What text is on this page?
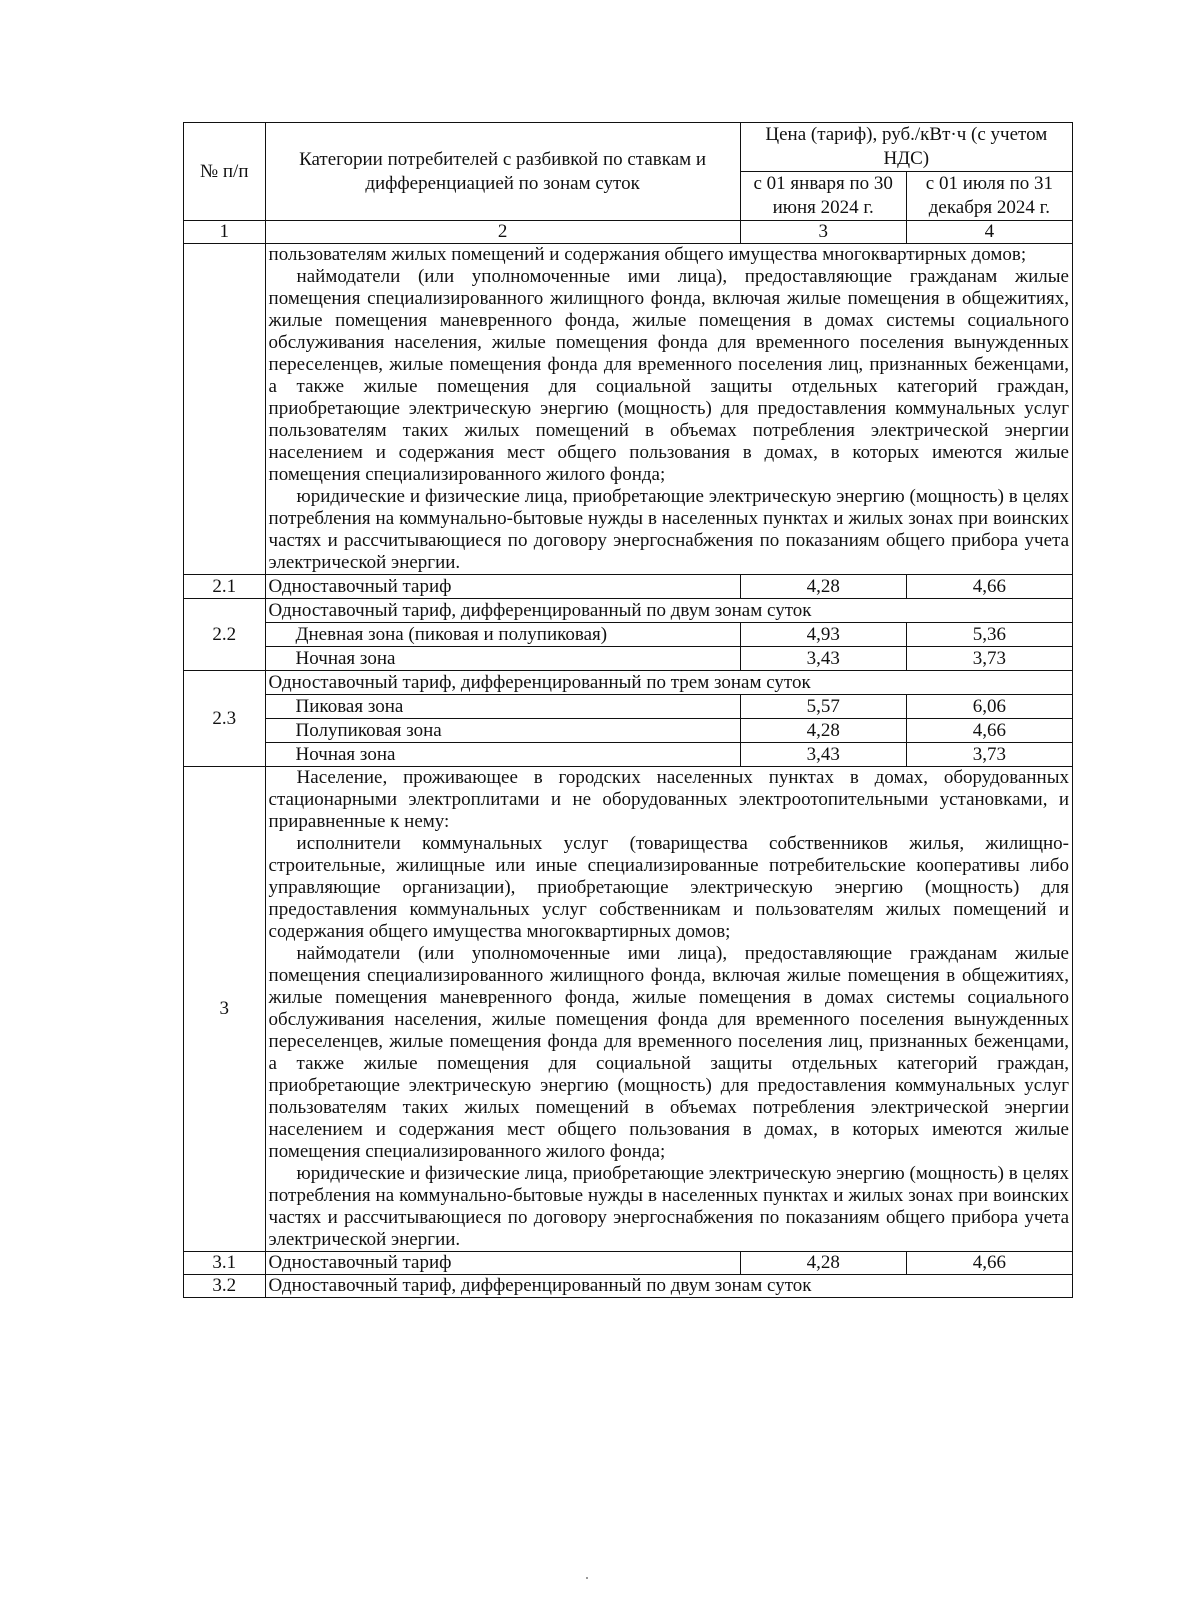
№ п/п	Категории потребителей с разбивкой по ставкам и дифференциацией по зонам суток	Цена (тариф), руб./кВт·ч (с учетом НДС)	
		с 01 января по 30 июня 2024 г.	с 01 июля по 31 декабря 2024 г.
1	2	3	4

	пользователям жилых помещений и содержания общего имущества многоквартирных домов;

наймодатели (или уполномоченные ими лица), предоставляющие гражданам жилые помещения специализированного жилищного фонда, включая жилые помещения в общежитиях, жилые помещения маневренного фонда, жилые помещения в домах системы социального обслуживания населения, жилые помещения фонда для временного поселения вынужденных переселенцев, жилые помещения фонда для временного поселения лиц, признанных беженцами, а также жилые помещения для социальной защиты отдельных категорий граждан, приобретающие электрическую энергию (мощность) для предоставления коммунальных услуг пользователям таких жилых помещений в объемах потребления электрической энергии населением и содержания мест общего пользования в домах, в которых имеются жилые помещения специализированного жилого фонда;

юридические и физические лица, приобретающие электрическую энергию (мощность) в целях потребления на коммунально-бытовые нужды в населенных пунктах и жилых зонах при воинских частях и рассчитывающиеся по договору энергоснабжения по показаниям общего прибора учета электрической энергии.		

2.1	Одноставочный тариф	4,28	4,66
2.2	Одноставочный тариф, дифференцированный по двум зонам суток		
	Дневная зона (пиковая и полупиковая)	4,93	5,36
	Ночная зона	3,43	3,73
2.3	Одноставочный тариф, дифференцированный по трем зонам суток		
	Пиковая зона	5,57	6,06
	Полупиковая зона	4,28	4,66
	Ночная зона	3,43	3,73
3	Население, проживающее в городских населенных пунктах в домах, оборудованных стационарными электроплитами и не оборудованных электроотопительными установками, и приравненные к нему:

исполнители коммунальных услуг (товарищества собственников жилья, жилищно-строительные, жилищные или иные специализированные потребительские кооперативы либо управляющие организации), приобретающие электрическую энергию (мощность) для предоставления коммунальных услуг собственникам и пользователям жилых помещений и содержания общего имущества многоквартирных домов;

наймодатели (или уполномоченные ими лица), предоставляющие гражданам жилые помещения специализированного жилищного фонда, включая жилые помещения в общежитиях, жилые помещения маневренного фонда, жилые помещения в домах системы социального обслуживания населения, жилые помещения фонда для временного поселения вынужденных переселенцев, жилые помещения фонда для временного поселения лиц, признанных беженцами, а также жилые помещения для социальной защиты отдельных категорий граждан, приобретающие электрическую энергию (мощность) для предоставления коммунальных услуг пользователям таких жилых помещений в объемах потребления электрической энергии населением и содержания мест общего пользования в домах, в которых имеются жилые помещения специализированного жилого фонда;

юридические и физические лица, приобретающие электрическую энергию (мощность) в целях потребления на коммунально-бытовые нужды в населенных пунктах и жилых зонах при воинских частях и рассчитывающиеся по договору энергоснабжения по показаниям общего прибора учета электрической энергии.		

3.1	Одноставочный тариф	4,28	4,66
3.2	Одноставочный тариф, дифференцированный по двум зонам суток		
